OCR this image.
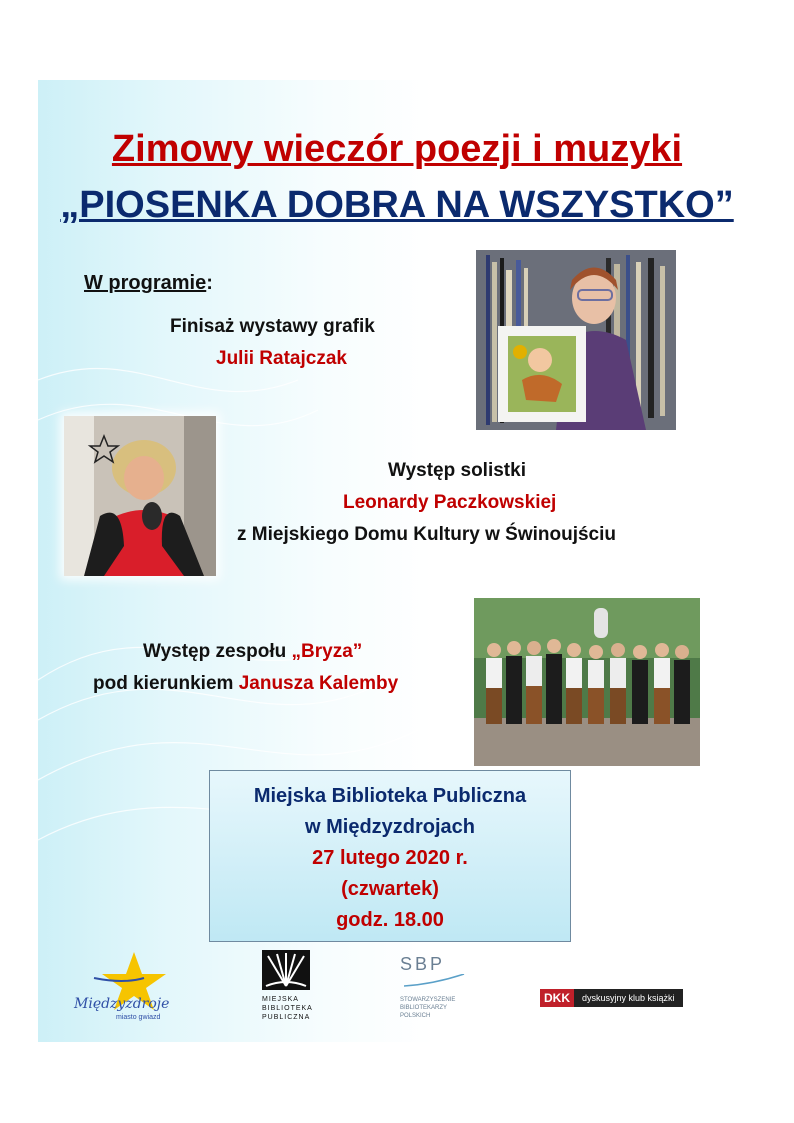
Zimowy wieczór poezji i muzyki
„PIOSENKA DOBRA NA WSZYSTKO”
W programie:
Finisaż wystawy grafik
Julii Ratajczak
Występ solistki
Leonardy Paczkowskiej
z Miejskiego Domu Kultury w Świnoujściu
Występ zespołu „Bryza”
pod kierunkiem Janusza Kalemby
Miejska Biblioteka Publiczna
w Międzyzdrojach
27 lutego 2020 r.
(czwartek)
godz. 18.00
Międzyzdroje
miasto gwiazd
MIEJSKA
BIBLIOTEKA
PUBLICZNA
SBP
STOWARZYSZENIE
BIBLIOTEKARZY
POLSKICH
DKK	dyskusyjny klub książki
